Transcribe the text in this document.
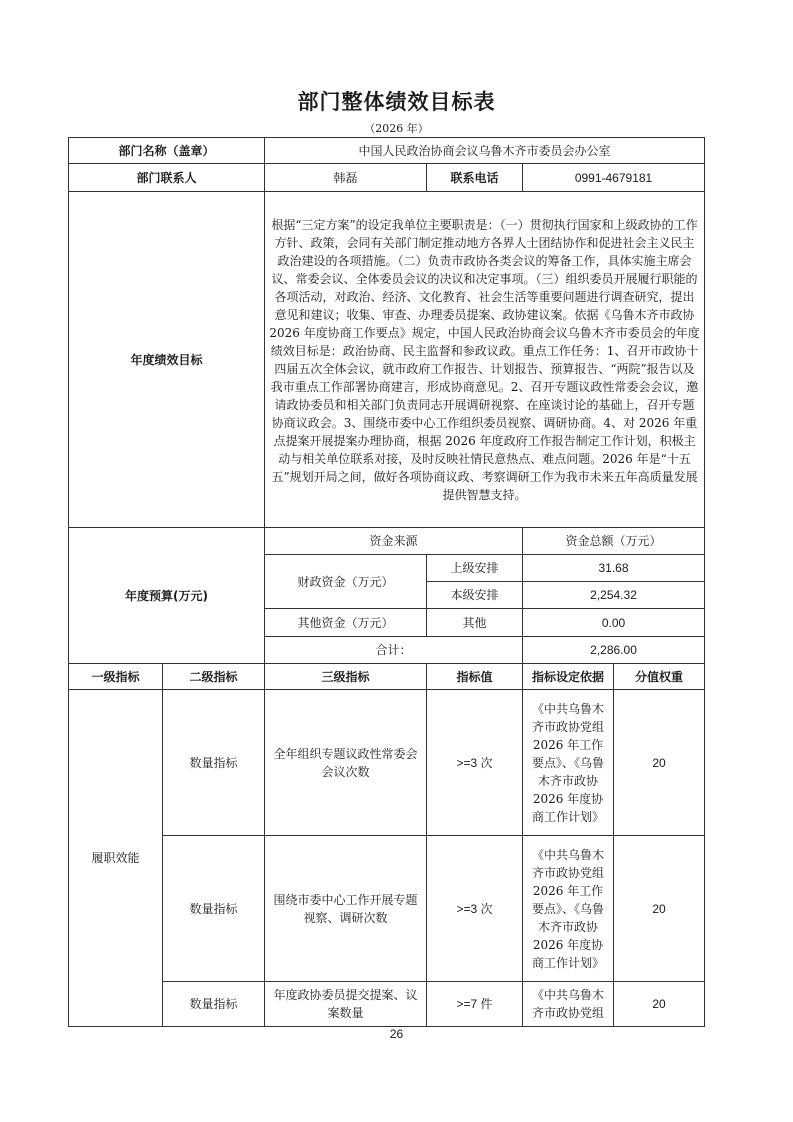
部门整体绩效目标表
（2026 年）
部门名称（盖章）		中国人民政治协商会议乌鲁木齐市委员会办公室			
部门联系人		韩磊	联系电话	0991-4679181	
年度绩效目标		根据“三定方案”的设定我单位主要职责是：（一）贯彻执行国家和上级政协的工作方针、政策，会同有关部门制定推动地方各界人士团结协作和促进社会主义民主政治建设的各项措施。（二）负责市政协各类会议的筹备工作，具体实施主席会议、常委会议、全体委员会议的决议和决定事项。（三）组织委员开展履行职能的各项活动，对政治、经济、文化教育、社会生活等重要问题进行调查研究，提出意见和建议；收集、审查、办理委员提案、政协建议案。依据《乌鲁木齐市政协2026 年度协商工作要点》规定，中国人民政治协商会议乌鲁木齐市委员会的年度绩效目标是：政治协商、民主监督和参政议政。重点工作任务：1、召开市政协十四届五次全体会议，就市政府工作报告、计划报告、预算报告、“两院”报告以及我市重点工作部署协商建言，形成协商意见。2、召开专题议政性常委会会议，邀请政协委员和相关部门负责同志开展调研视察、在座谈讨论的基础上，召开专题协商议政会。3、围绕市委中心工作组织委员视察、调研协商。4、对 2026 年重点提案开展提案办理协商，根据 2026 年度政府工作报告制定工作计划，积极主动与相关单位联系对接，及时反映社情民意热点、难点问题。2026 年是“十五五”规划开局之间，做好各项协商议政、考察调研工作为我市未来五年高质量发展提供智慧支持。			
年度预算(万元)		资金来源		资金总额（万元）	
		财政资金（万元）	上级安排	31.68	
			本级安排	2,254.32	
		其他资金（万元）	其他	0.00	
		合计：		2,286.00	
一级指标	二级指标	三级指标	指标值	指标设定依据	分值权重
履职效能	数量指标	全年组织专题议政性常委会会议次数	>=3 次	《中共乌鲁木齐市政协党组2026 年工作要点》、《乌鲁木齐市政协 2026 年度协商工作计划》	20
	数量指标	围绕市委中心工作开展专题视察、调研次数	>=3 次	《中共乌鲁木齐市政协党组2026 年工作要点》、《乌鲁木齐市政协 2026 年度协商工作计划》	20
	数量指标	年度政协委员提交提案、议案数量	>=7 件	《中共乌鲁木齐市政协党组	20
26
